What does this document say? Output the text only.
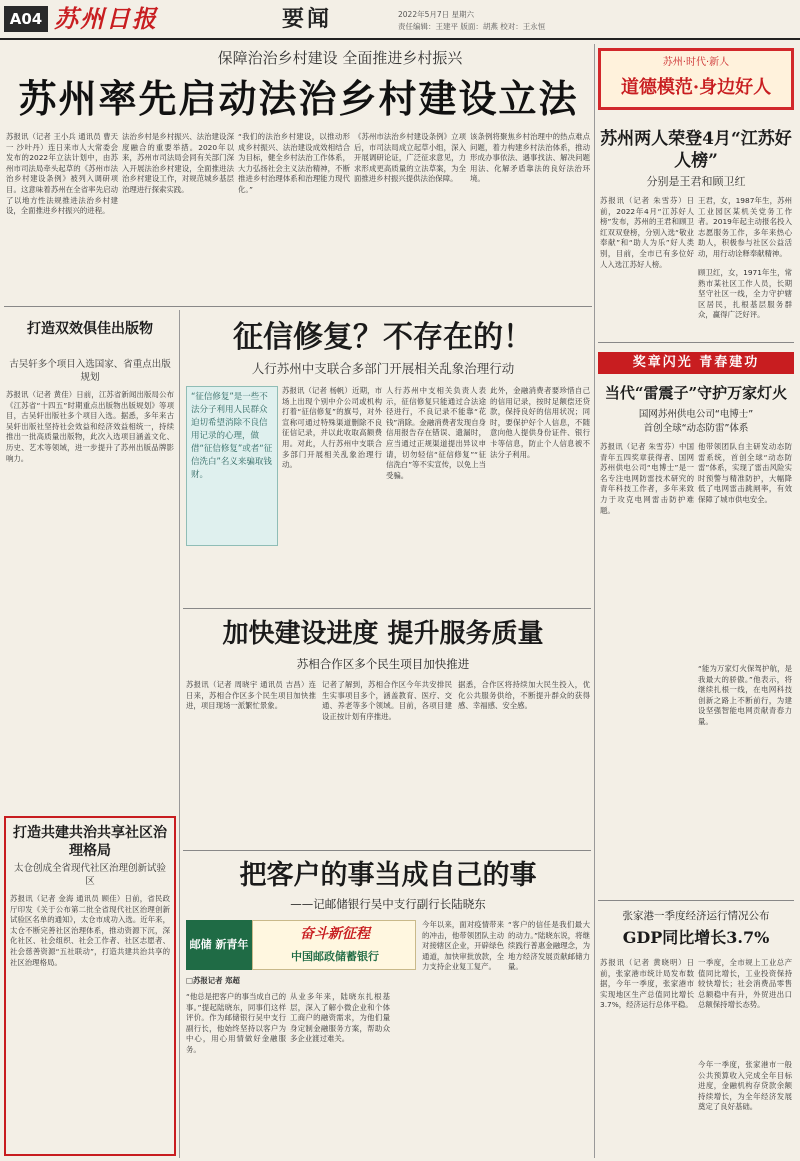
A04 苏州日报	要闻	2022年5月7日 星期六
责任编辑：王建平 版面：胡燕 校对：王永恒
保障治治乡村建设 全面推进乡村振兴
苏州率先启动法治乡村建设立法
苏报讯（记者 王小兵 通讯员 曹天一 沙叶丹）连日来市人大常委会发布的2022年立法计划中，由苏州市司法局牵头起草的《苏州市法治乡村建设条例》被列入调研项目。这意味着苏州在全省率先启动了以地方性法规推进法治乡村建设，全面推进乡村振兴的进程。
法治乡村是乡村振兴、法治建设深度融合的重要举措。2020年以来，苏州市司法局会同有关部门深入开展法治乡村建设，全面推进法治乡村建设工作，对规范城乡基层治理进行探索实践。
“我们的法治乡村建设，以推动形成乡村振兴、法治建设成效相结合为目标，健全乡村法治工作体系，大力弘扬社会主义法治精神，不断推进乡村治理体系和治理能力现代化。”
《苏州市法治乡村建设条例》立项后，市司法局成立起草小组，深入开展调研论证，广泛征求意见，力求形成更高质量的立法草案，为全面推进乡村振兴提供法治保障。
该条例将聚焦乡村治理中的热点难点问题，着力构建乡村法治体系，推动形成办事依法、遇事找法、解决问题用法、化解矛盾靠法的良好法治环境。
苏州·时代·新人
道德模范·身边好人
苏州两人荣登4月“江苏好人榜”
分别是王君和顾卫红
苏报讯（记者 朱雪芬）日前，2022年4月“江苏好人榜”发布，苏州的王君和顾卫红双双登榜，分别入选“敬业奉献”和“助人为乐”好人类别，目前，全市已有多位好人入选江苏好人榜。
王君，女，1987年生，苏州工业园区某机关党务工作者。2019年起主动报名投入志愿服务工作，多年来热心助人，积极参与社区公益活动，用行动诠释奉献精神。
顾卫红，女，1971年生，常熟市某社区工作人员，长期坚守社区一线，全力守护辖区居民，扎根基层服务群众，赢得广泛好评。
打造双效俱佳出版物
古吴轩多个项目入选国家、省重点出版规划
苏报讯（记者 黄佳）日前，江苏省新闻出版局公布《江苏省“十四五”时期重点出版物出版规划》等项目，古吴轩出版社多个项目入选。据悉，多年来古吴轩出版社坚持社会效益和经济效益相统一，持续推出一批高质量出版物，此次入选项目涵盖文化、历史、艺术等领域，进一步提升了苏州出版品牌影响力。
征信修复？不存在的！
人行苏州中支联合多部门开展相关乱象治理行动
“征信修复”是一些不法分子利用人民群众迫切希望消除不良信用记录的心理，做借“征信修复”或者“征信洗白”名义来骗取钱财。
苏报讯（记者 杨帆）近期，市场上出现个别中介公司或机构打着“征信修复”的旗号，对外宣称可通过特殊渠道删除不良征信记录，并以此收取高额费用。对此，人行苏州中支联合多部门开展相关乱象治理行动。
人行苏州中支相关负责人表示，征信修复只能通过合法途径进行，不良记录不能靠“花钱”消除。金融消费者发现自身信用报告存在错误、遗漏时，应当通过正规渠道提出异议申请，切勿轻信“征信修复”“征信洗白”等不实宣传，以免上当受骗。
此外，金融消费者要珍惜自己的信用记录，按时足额偿还贷款，保持良好的信用状况；同时，要保护好个人信息，不随意向他人提供身份证件、银行卡等信息，防止个人信息被不法分子利用。
奖章闪光 青春建功
当代“雷震子”守护万家灯火
国网苏州供电公司“电博士”
首创全球“动态防雷”体系
苏报讯（记者 朱雪芬）中国青年五四奖章获得者、国网苏州供电公司“电博士”是一名专注电网防雷技术研究的青年科技工作者，多年来致力于攻克电网雷击防护难题。
他带领团队自主研发动态防雷系统，首创全球“动态防雷”体系，实现了雷击风险实时预警与精准防护，大幅降低了电网雷击跳闸率，有效保障了城市供电安全。
“能为万家灯火保驾护航，是我最大的骄傲。”他表示，将继续扎根一线，在电网科技创新之路上不断前行，为建设坚强智能电网贡献青春力量。
加快建设进度 提升服务质量
苏相合作区多个民生项目加快推进
苏报讯（记者 周晓宇 通讯员 吉昌）连日来，苏相合作区多个民生项目加快推进，项目现场一派繁忙景象。
记者了解到，苏相合作区今年共安排民生实事项目多个，涵盖教育、医疗、交通、养老等多个领域。目前，各项目建设正按计划有序推进。
据悉，合作区将持续加大民生投入，优化公共服务供给，不断提升群众的获得感、幸福感、安全感。
打造共建共治共享社区治理格局
太仓创成全省现代社区治理创新试验区
苏报讯（记者 金海 通讯员 顾佳）日前，省民政厅印发《关于公布第二批全省现代社区治理创新试验区名单的通知》，太仓市成功入选。近年来，太仓不断完善社区治理体系，推动资源下沉，深化社区、社会组织、社会工作者、社区志愿者、社会慈善资源“五社联动”，打造共建共治共享的社区治理格局。
把客户的事当成自己的事
——记邮储银行吴中支行副行长陆晓东
邮储 新青年
奋斗新征程
中国邮政储蓄银行
□苏报记者 郑超
“他总是把客户的事当成自己的事。”提起陆晓东，同事们这样评价。作为邮储银行吴中支行副行长，他始终坚持以客户为中心，用心用情做好金融服务。
从业多年来，陆晓东扎根基层，深入了解小微企业和个体工商户的融资需求，为他们量身定制金融服务方案，帮助众多企业渡过难关。
今年以来，面对疫情带来的冲击，他带领团队主动对接辖区企业，开辟绿色通道，加快审批放款，全力支持企业复工复产。
“客户的信任是我们最大的动力。”陆晓东说，将继续践行普惠金融理念，为地方经济发展贡献邮储力量。
张家港一季度经济运行情况公布
GDP同比增长3.7%
苏报讯（记者 黄晓明）日前，张家港市统计局发布数据，今年一季度，张家港市实现地区生产总值同比增长3.7%，经济运行总体平稳。
一季度，全市规上工业总产值同比增长，工业投资保持较快增长；社会消费品零售总额稳中有升，外贸进出口总额保持增长态势。
今年一季度，张家港市一般公共预算收入完成全年目标进度，金融机构存贷款余额持续增长，为全年经济发展奠定了良好基础。
